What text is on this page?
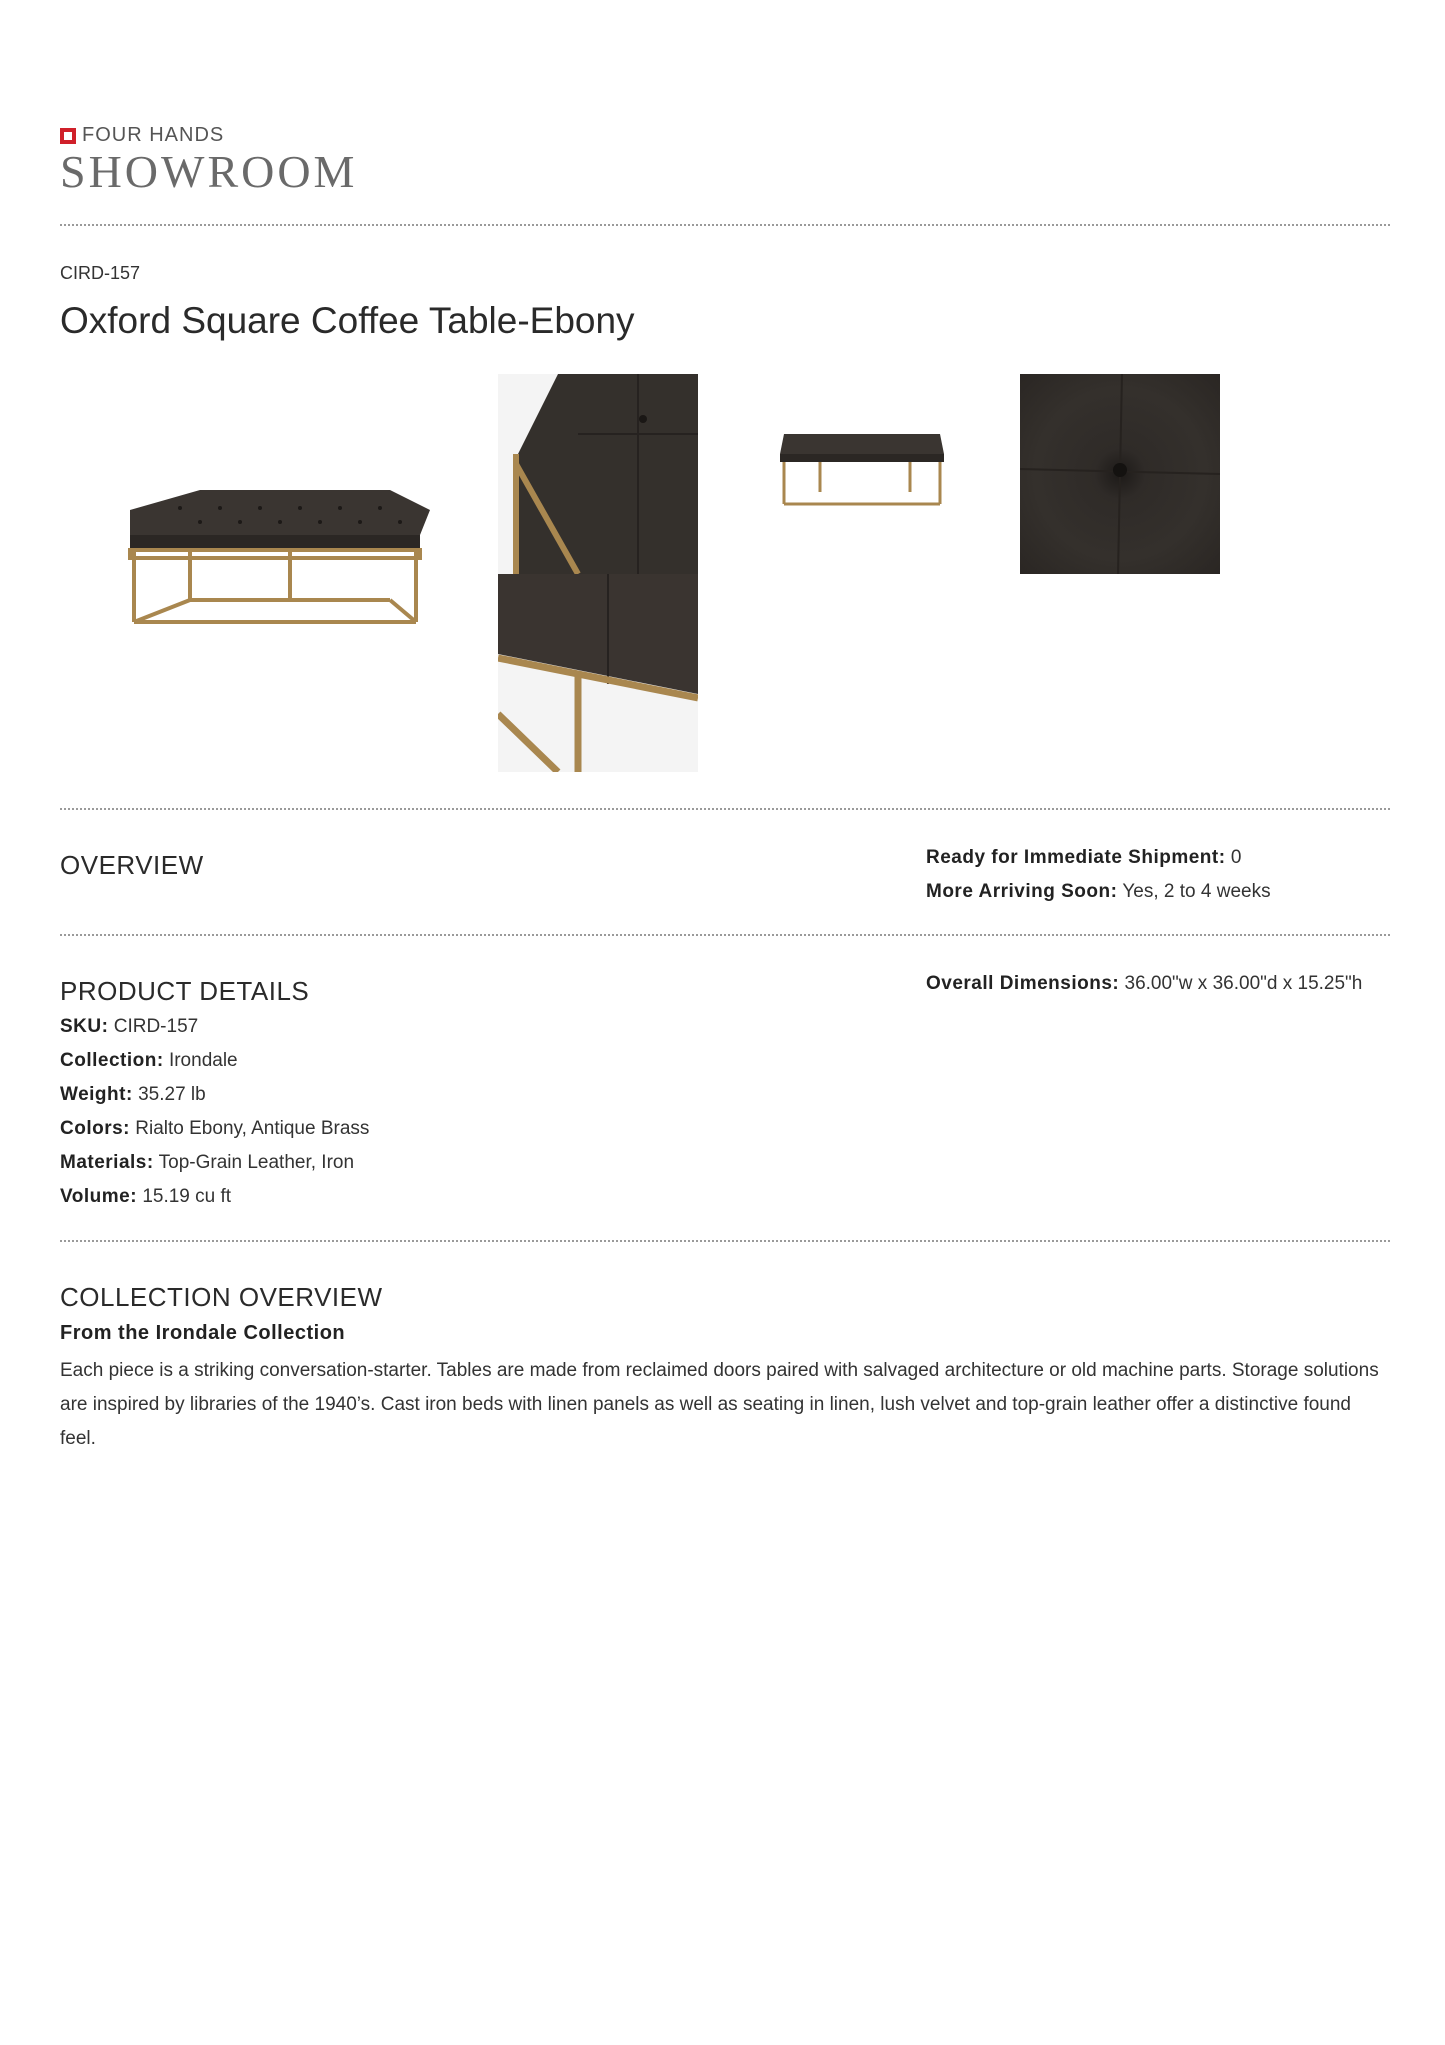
FOUR HANDS
SHOWROOM
CIRD-157
Oxford Square Coffee Table-Ebony
OVERVIEW	Ready for Immediate Shipment: 0
More Arriving Soon: Yes, 2 to 4 weeks
PRODUCT DETAILS	Overall Dimensions: 36.00"w x 36.00"d x 15.25"h
SKU: CIRD-157
Collection: Irondale
Weight: 35.27 lb
Colors: Rialto Ebony, Antique Brass
Materials: Top-Grain Leather, Iron
Volume: 15.19 cu ft
COLLECTION OVERVIEW
From the Irondale Collection
Each piece is a striking conversation-starter. Tables are made from reclaimed doors paired with salvaged architecture or old machine parts. Storage solutions are inspired by libraries of the 1940’s. Cast iron beds with linen panels as well as seating in linen, lush velvet and top-grain leather offer a distinctive found feel.
